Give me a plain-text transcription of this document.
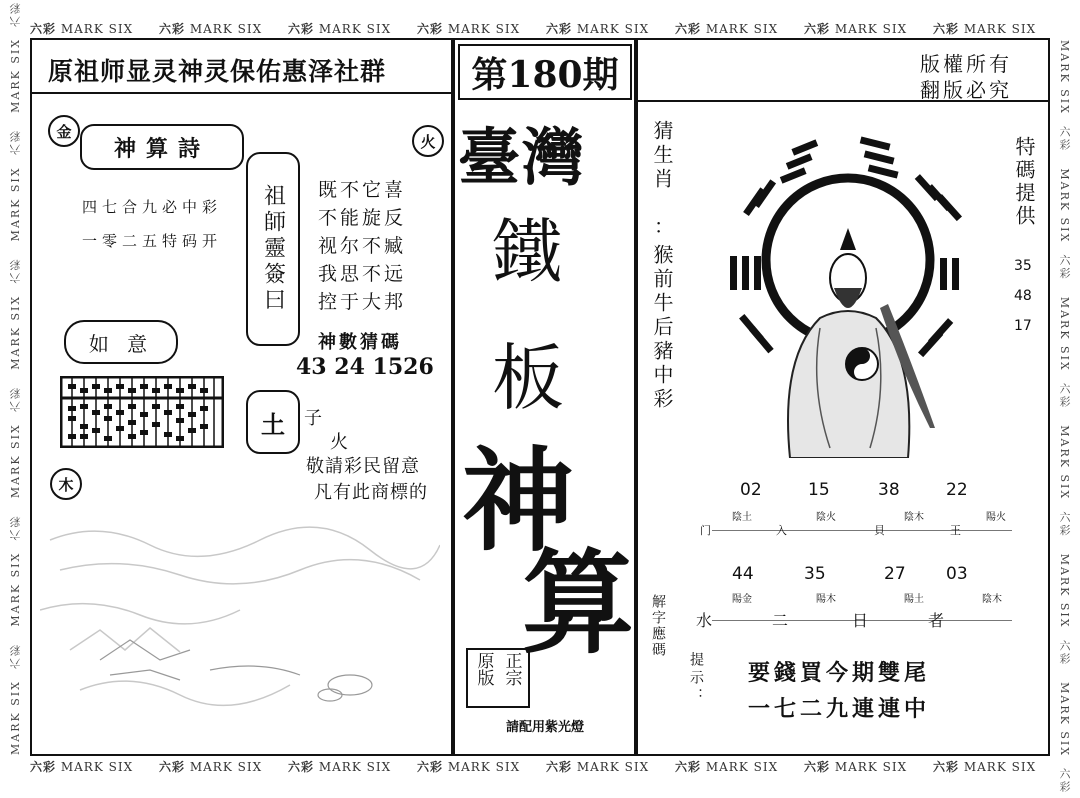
六彩 MARK SIX	六彩 MARK SIX	六彩 MARK SIX	六彩 MARK SIX	六彩 MARK SIX	六彩 MARK SIX	六彩 MARK SIX	六彩 MARK SIX
六彩 MARK SIX	六彩 MARK SIX	六彩 MARK SIX	六彩 MARK SIX	六彩 MARK SIX	六彩 MARK SIX	六彩 MARK SIX	六彩 MARK SIX
MARK SIX  六彩   MARK SIX  六彩   MARK SIX  六彩   MARK SIX  六彩   MARK SIX  六彩   MARK SIX  六彩
MARK SIX  六彩   MARK SIX  六彩   MARK SIX  六彩   MARK SIX  六彩   MARK SIX  六彩   MARK SIX  六彩
原祖师显灵神灵保佑惠泽社群 第180期	版權所有
翻版必究
金
火
神算詩
四七合九必中彩
一零二五特码开 祖師靈簽曰 既不它喜
不能旋反
视尔不臧
我思不远
控于大邦
神數猜碼
43 24 1526
如 意
土 子
火
敬請彩民留意
凡有此商標的
木
臺灣
鐵
板
神
算
正宗
原版
請配用紫光燈
猜生肖
：
猴前牛后豬中彩
特碼提供
35
48
17
02	15	38	22
陰土	陰火	陰木	陽火
门	入	貝	王
44	35	27 03
陽金	陽木	陽土	陰木
水	二	日	者
解字應碼
提示： 要錢買今期雙尾
一七二九連連中
